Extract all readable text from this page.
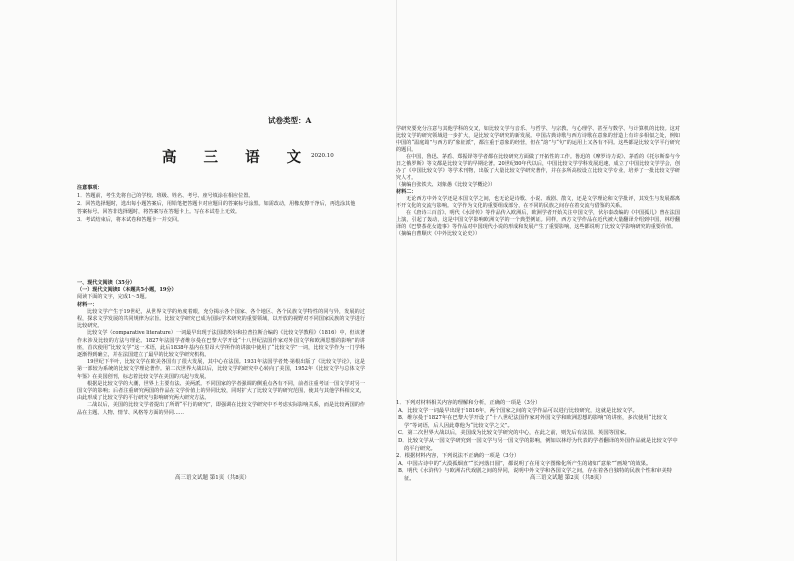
试卷类型：A
高 三 语 文
2020.10

注意事项：

1．答题前，考生先将自己的学校、班级、姓名、考号、座号填涂在相应位置。

2．回答选择题时，选出每小题答案后，用铅笔把答题卡对应题目的答案标号涂黑。如需改动，用橡皮擦干净后，再选涂其他答案标号。回答非选择题时，将答案写在答题卡上。写在本试卷上无效。

3．考试结束后，将本试卷和答题卡一并交回。

一、现代文阅读（35分）

（一）现代文阅读Ⅰ（本题共5小题，19分）

阅读下面的文字，完成1～5题。

材料一：

比较文学产生于19世纪，从世界文学的角度着眼，充分揭示各个国家、各个地区、各个民族文学特性的同与异，发展的过程，探求文学发展的共同规律为宗旨。比较文学研究已成为国际学术研究的重要领域，以开放的视野对不同国家民族的文学进行比较研究。

比较文学（comparative literature）一词最早出现于法国诺埃尔和拉普拉斯合编的《比较文学教程》（1816）中，但该著作未涉及比较的方法与理论。1827年法国学者维尔曼在巴黎大学开设“十八世纪法国作家对外国文学和欧洲思想的影响”的讲座，首次使用“比较文学”这一术语，此后1838年基内在里昂大学所作的讲演中使用了“比较文学”一词，比较文学作为一门学科逐渐得到确立，并在法国建立了最早的比较文学研究机构。

19世纪下半叶，比较文学在欧美各国有了很大发展，其中心在法国。1931年法国学者梵·第根出版了《比较文学论》，这是第一部较为系统的比较文学理论著作。第二次世界大战以后，比较文学的研究中心转向了美国，1952年《比较文学与总体文学年鉴》在美国创刊，标志着比较文学在美国的兴起与发展。

根据是比较文学的大潮，世界上主要有法、美两派。不同国家的学者强调的侧重点各有不同，前者注重考证一国文学对另一国文学的影响；后者注重研究两国的作品在文学价值上的异同比较，同时扩大了比较文学的研究范围，使其与其他学科相交叉，由此形成了比较文学的平行研究与影响研究两大研究方法。

二战以后，美国的比较文学者提出了所谓“平行的研究”，即强调在比较文学研究中不考虑实际影响关系，而是比较两国的作品在主题、人物、情节、风格等方面的异同……

学研究要充分注意与其他学科的交叉，如比较文学与音乐、与哲学、与宗教、与心理学、甚至与数学、与计算机的比较。这对比较文学的研究领域进一步扩大，是比较文学研究的新发展。中国古典诗歌与西方诗歌在意象的营造上有许多相似之处，例如中国的“温庭筠”与西方的“象征派”，都注重于意象的经营，但在“韵”与“句”的运用上又各有不同。这些都是比较文学平行研究的题目。

在中国，鲁迅、茅盾、郑振铎等学者都在比较研究方面做了开拓性的工作。鲁迅的《摩罗诗力说》、茅盾的《托尔斯泰与今日之俄罗斯》等文都是比较文学的早期论著。20世纪80年代以后，中国比较文学学科发展迅速，成立了中国比较文学学会，创办了《中国比较文学》等学术刊物，出版了大量比较文学研究著作，并在多所高校设立比较文学专业，培养了一批比较文学研究人才。

（摘编自张铁夫、刘象愚《比较文学概论》）

材料二：

无论西方中外文学还是本国文学之间，也无论是诗歌、小说、戏剧、散文，还是文学理论和文学批评，其发生与发展都离不开文化的交流与影响。文学作为文化的重要组成部分，在不同的民族之间存在着交流与借鉴的关系。

在《唐诗三百首》、明代《水浒传》等作品传入欧洲后，欧洲学者开始关注中国文学，伏尔泰改编的《中国孤儿》曾在法国上演，引起了轰动，这是中国文学影响欧洲文学的一个典型例证。同样，西方文学作品在近代被大量翻译介绍到中国，林纾翻译的《巴黎茶花女遗事》等作品对中国现代小说的形成和发展产生了重要影响，这些都说明了比较文学影响研究的重要价值。

（摘编自曹顺庆《中外比较文论史》）

1．下列对材料相关内容的理解和分析，正确的一项是（3分）

A．比较文学一词最早出现于1816年，两个国家之间的文学作品可以进行比较研究，这就是比较文学。

B．维尔曼于1827年在巴黎大学开设了“十八世纪法国作家对外国文学和欧洲思想的影响”的讲座，多次使用“比较文学”等词语，后人因此尊他为“比较文学之父”。

C．第二次世界大战以后，美国成为比较文学研究的中心，在此之前，则先后有法国、英国等国家。

D．比较文学从一国文学研究到一国文学与另一国文学的影响，例如以林纾为代表的学者翻译的外国作品就是比较文学中的平行研究。

2．根据材料内容，下列说法不正确的一项是（3分）

A．中国古诗中的“大漠孤烟直”“长河落日圆”，都说明了在用文字图像化所产生的诸如“意象”“画境”的效果。

B．明代《水浒传》与欧洲古代戏剧之间的异同，说明中外文学和各国文学之间，存在着各自独特的民族个性和审美特征。

高三语文试题 第1页（共8页）	高三语文试题 第2页（共8页）
